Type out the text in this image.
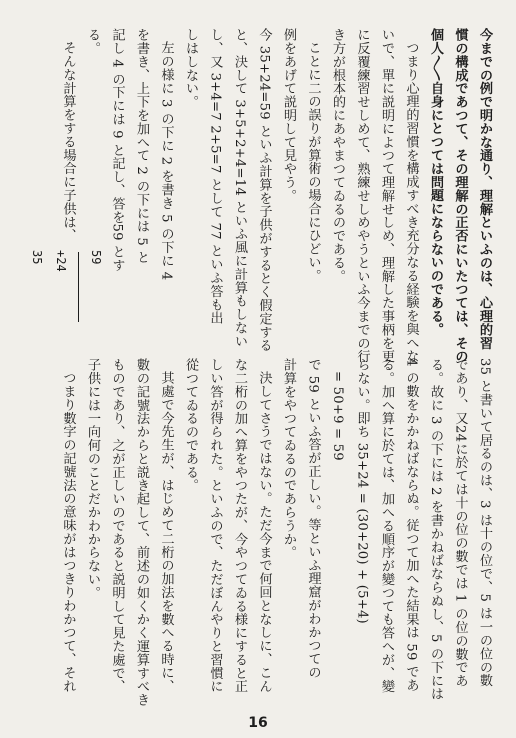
今までの例で明かな通り、理解といふのは、心理的習
慣の構成であつて、その理解の正否にいたつては、その
個人〳〵自身にとつては問題にならないのである。
つまり心理的習慣を構成すべき充分なる経験を與へな
いで、單に説明によつて理解せしめ、理解した事柄を更
に反覆練習せしめて、熟練せしめやうといふ今までの行
き方が根本的にあやまつてゐるのである。
ことに二の誤りが算術の場合にひどい。
例をあげて説明して見やう。
今 35+24=59 といふ計算を子供がするとく假定する
と、決して 3+5+2+4=14 といふ風に計算もしない
し、又 3+4=7 2+5=7 として 77 といふ答も出
しはしない。
左の様に 3 の下に 2 を書き 5 の下に 4
を書き、上下を加へて 2 の下には 5 と
記し 4 の下には 9 と記し、答を59 とす
る。
そんな計算をする場合に子供は、
35 +24 59
35 と書いて居るのは、3 は十の位で、5 は一の位の數
であり、又24に於ては十の位の數では 1 の位の數であ
る。故に 3 の下には 2 を書かねばならぬし、5 の下には
4 の數をかかねばならぬ。従つて加へた結果は 59 であ
る。加へ算に於ては、加へる順序が變つても答へが、變
らない。即ち 35+24 = (30+20) + (5+4)
= 50+9 = 59
で 59 といふ答が正しい。等といふ理窟がわかつての
計算をやつてゐるのであらうか。
決してさうではない。ただ今まで何回となしに、こん
な二桁の加へ算をやつたが、今やつてゐる様にすると正
しい答が得られた。といふので、ただぼんやりと習慣に
從つてゐるのである。
其處で今先生が、はじめて二桁の加法を數へる時に、
數の記號法からと説き起して、前述の如くかく運算すべき
ものであり、之が正しいのであると説明して見た處で、
子供には一向何のことだかわからない。
つまり數字の記號法の意味がはつきりわかつて、それ
16
